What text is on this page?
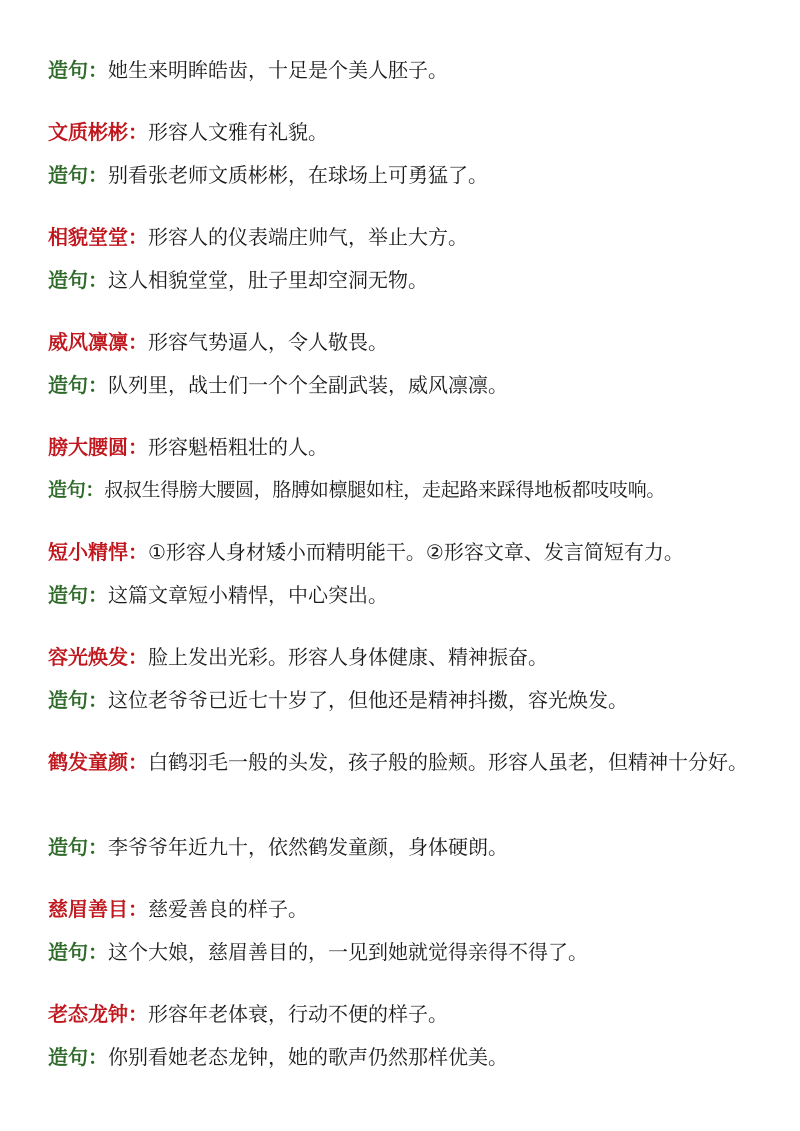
造句：她生来明眸皓齿，十足是个美人胚子。
文质彬彬：形容人文雅有礼貌。
造句：别看张老师文质彬彬，在球场上可勇猛了。
相貌堂堂：形容人的仪表端庄帅气，举止大方。
造句：这人相貌堂堂，肚子里却空洞无物。
威风凛凛：形容气势逼人，令人敬畏。
造句：队列里，战士们一个个全副武装，威风凛凛。
膀大腰圆：形容魁梧粗壮的人。
造句：叔叔生得膀大腰圆，胳膊如檩腿如柱，走起路来踩得地板都吱吱响。
短小精悍：①形容人身材矮小而精明能干。②形容文章、发言简短有力。
造句：这篇文章短小精悍，中心突出。
容光焕发：脸上发出光彩。形容人身体健康、精神振奋。
造句：这位老爷爷已近七十岁了，但他还是精神抖擞，容光焕发。
鹤发童颜：白鹤羽毛一般的头发，孩子般的脸颊。形容人虽老，但精神十分好。
造句：李爷爷年近九十，依然鹤发童颜，身体硬朗。
慈眉善目：慈爱善良的样子。
造句：这个大娘，慈眉善目的，一见到她就觉得亲得不得了。
老态龙钟：形容年老体衰，行动不便的样子。
造句：你别看她老态龙钟，她的歌声仍然那样优美。
